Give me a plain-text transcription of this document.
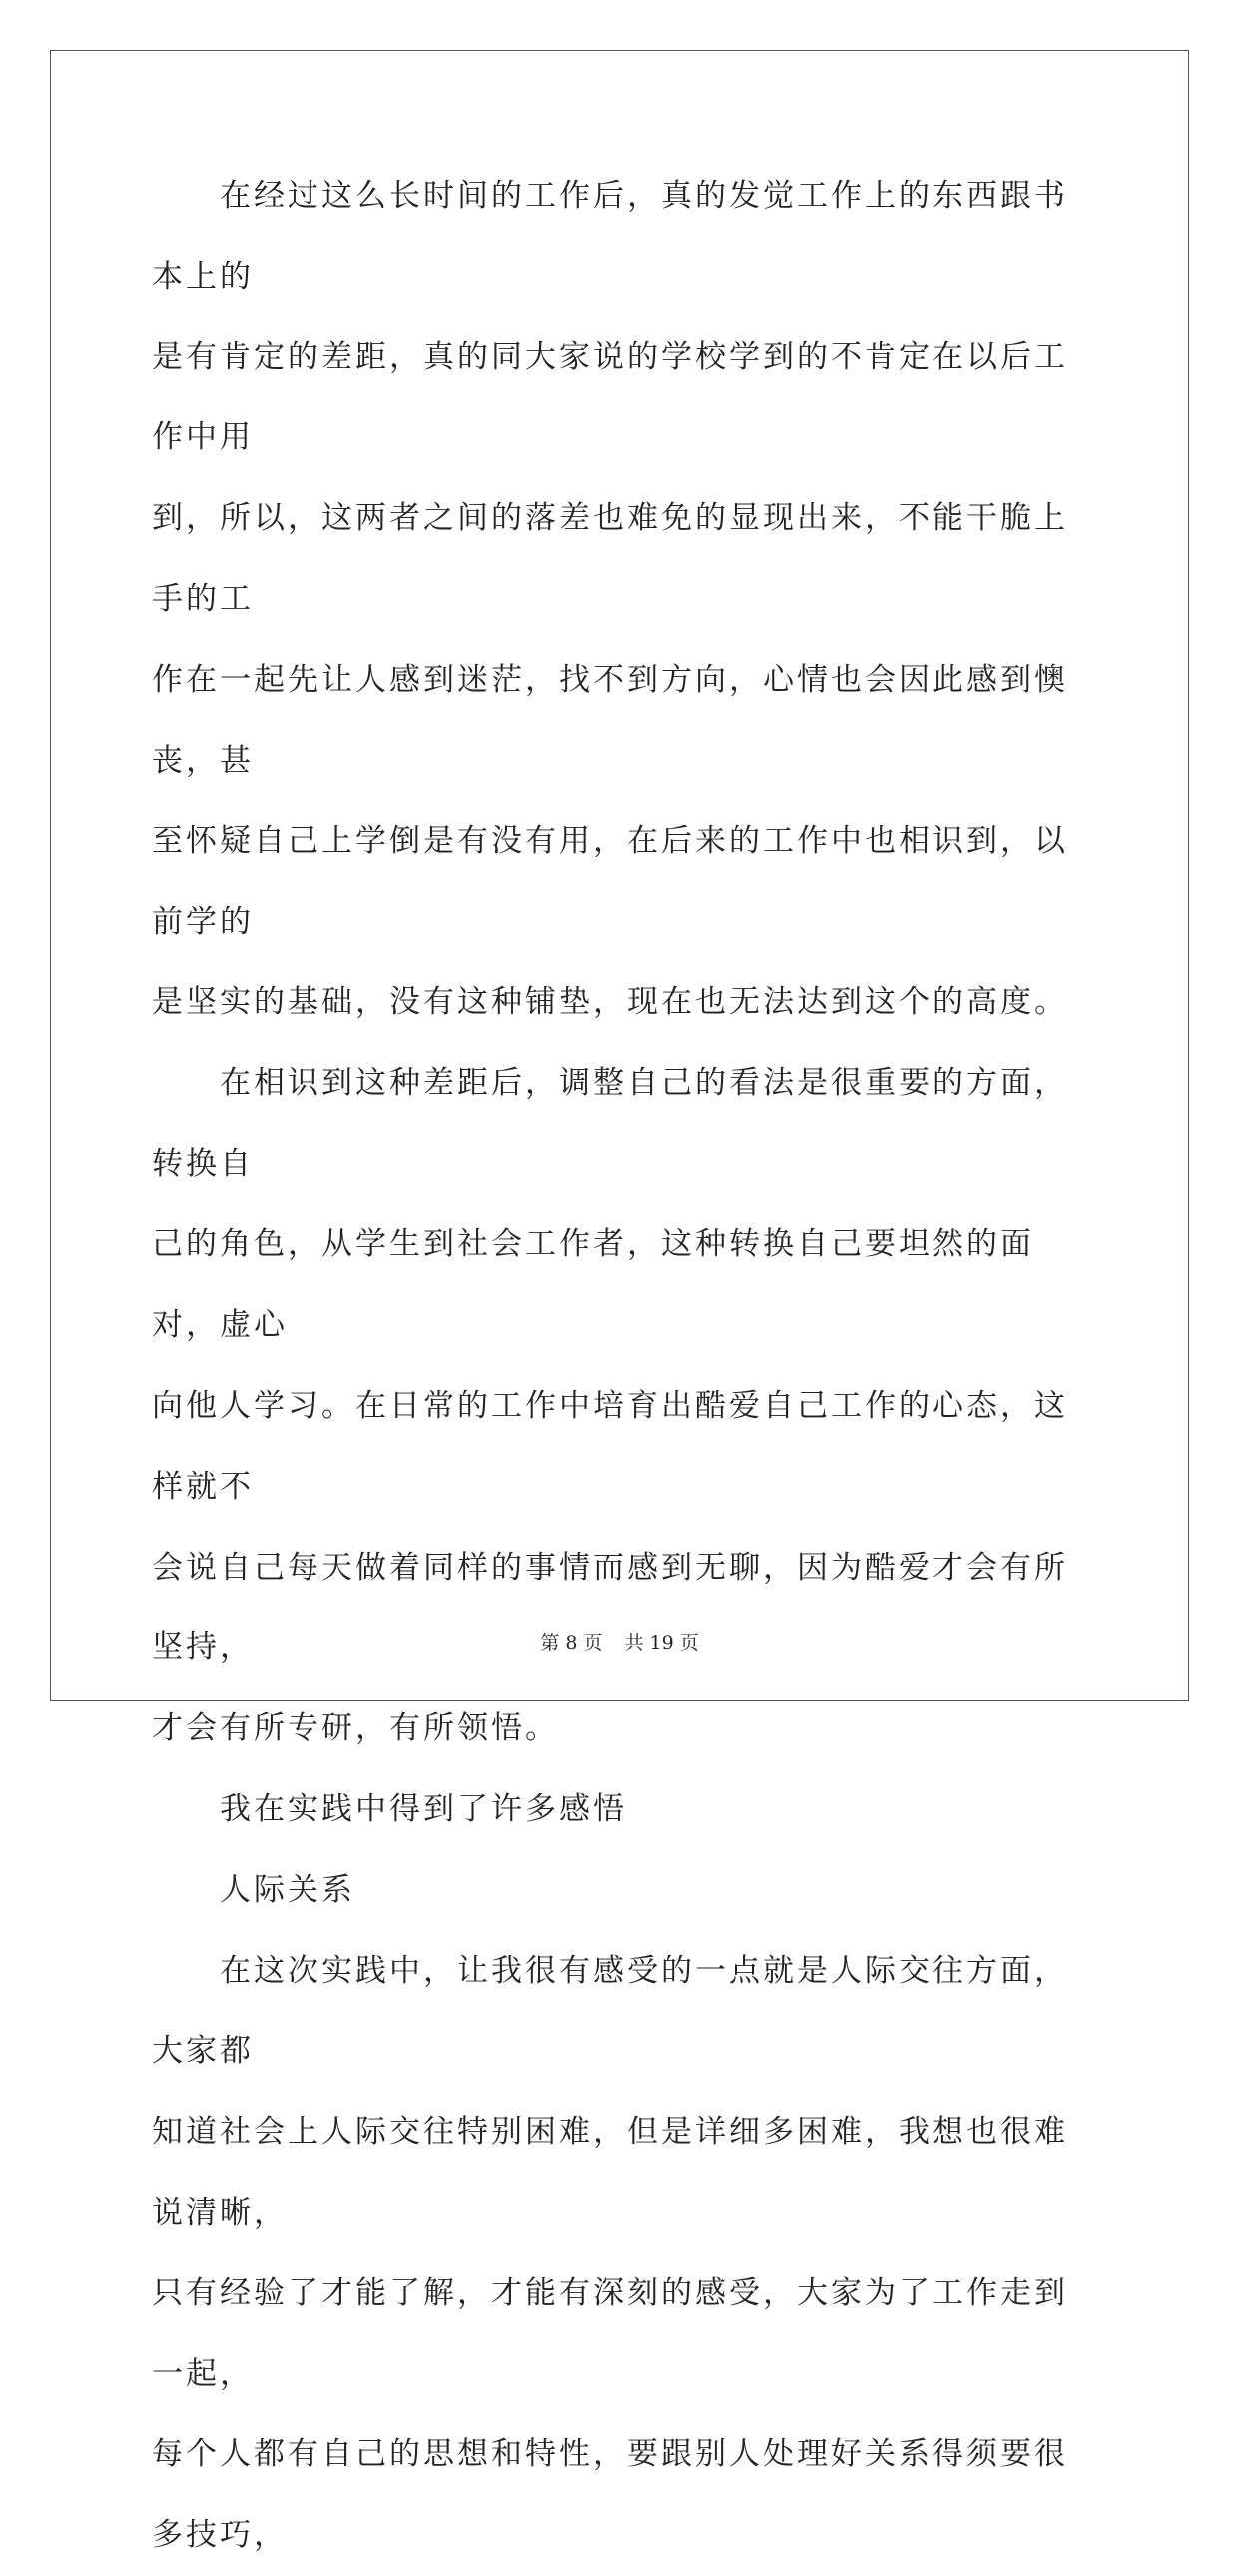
　　在经过这么长时间的工作后，真的发觉工作上的东西跟书本上的
是有肯定的差距，真的同大家说的学校学到的不肯定在以后工作中用
到，所以，这两者之间的落差也难免的显现出来，不能干脆上手的工
作在一起先让人感到迷茫，找不到方向，心情也会因此感到懊丧，甚
至怀疑自己上学倒是有没有用，在后来的工作中也相识到，以前学的
是坚实的基础，没有这种铺垫，现在也无法达到这个的高度。

　　在相识到这种差距后，调整自己的看法是很重要的方面，转换自
己的角色，从学生到社会工作者，这种转换自己要坦然的面对，虚心
向他人学习。在日常的工作中培育出酷爱自己工作的心态，这样就不
会说自己每天做着同样的事情而感到无聊，因为酷爱才会有所坚持，
才会有所专研，有所领悟。

　　我在实践中得到了许多感悟

　　人际关系

　　在这次实践中，让我很有感受的一点就是人际交往方面，大家都
知道社会上人际交往特别困难，但是详细多困难，我想也很难说清晰，
只有经验了才能了解，才能有深刻的感受，大家为了工作走到一起，
每个人都有自己的思想和特性，要跟别人处理好关系得须要很多技巧，

第 8 页 共 19 页
